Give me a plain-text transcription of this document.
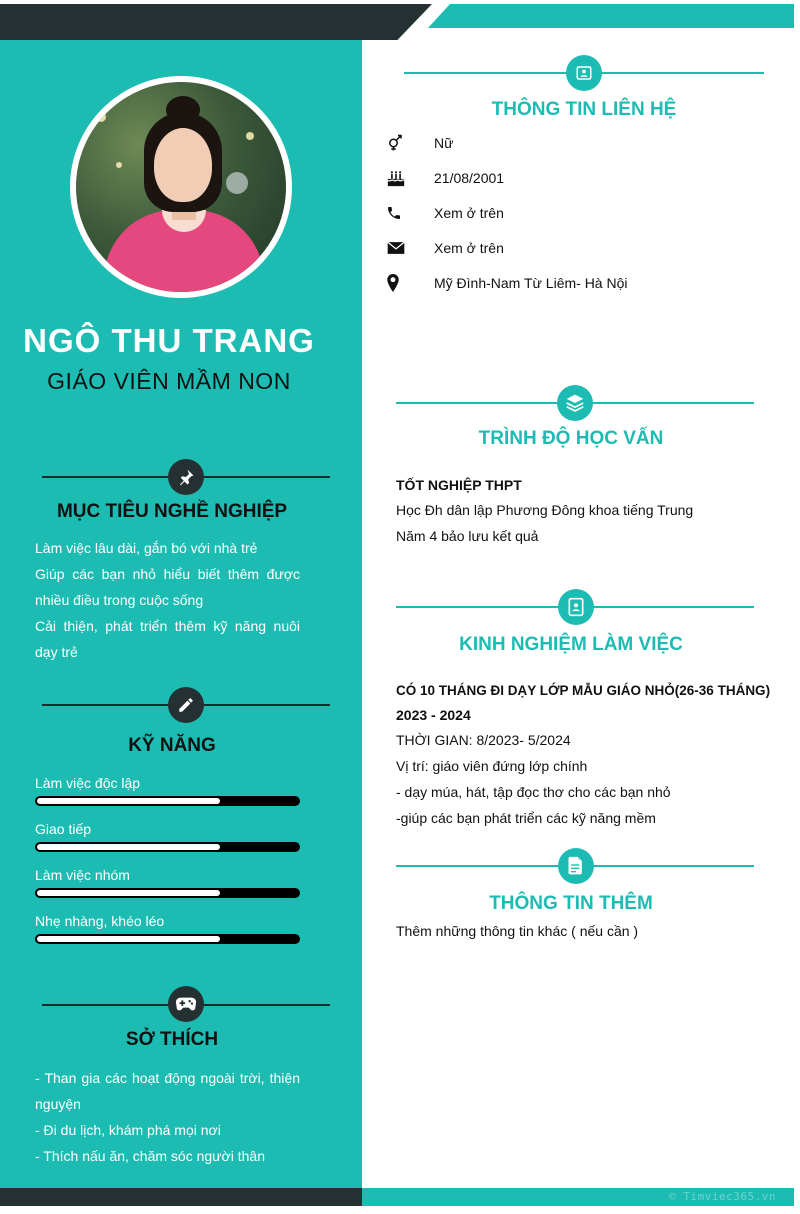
NGÔ THU TRANG
GIÁO VIÊN MẦM NON
MỤC TIÊU NGHỀ NGHIỆP
Làm việc lâu dài, gắn bó với nhà trẻ
Giúp các bạn nhỏ hiểu biết thêm được nhiều điều trong cuộc sống
Cải thiện, phát triển thêm kỹ năng nuôi dạy trẻ
KỸ NĂNG
Làm việc độc lập
Giao tiếp
Làm việc nhóm
Nhẹ nhàng, khéo léo
SỞ THÍCH
- Than gia các hoạt động ngoài trời, thiện nguyện
- Đi du lịch, khám phá mọi nơi
- Thích nấu ăn, chăm sóc người thân
THÔNG TIN LIÊN HỆ
Nữ
21/08/2001
Xem ở trên
Xem ở trên
Mỹ Đình-Nam Từ Liêm- Hà Nội
TRÌNH ĐỘ HỌC VẤN
TỐT NGHIỆP THPT
Học Đh dân lập Phương Đông khoa tiếng Trung
Năm 4 bảo lưu kết quả
KINH NGHIỆM LÀM VIỆC
CÓ 10 THÁNG ĐI DẠY LỚP MẪU GIÁO NHỎ(26-36 THÁNG)
2023 - 2024
THỜI GIAN: 8/2023- 5/2024
Vị trí: giáo viên đứng lớp chính
- dạy múa, hát, tập đọc thơ cho các bạn nhỏ
-giúp các bạn phát triển các kỹ năng mềm
THÔNG TIN THÊM
Thêm những thông tin khác ( nếu cần )
© Timviec365.vn
